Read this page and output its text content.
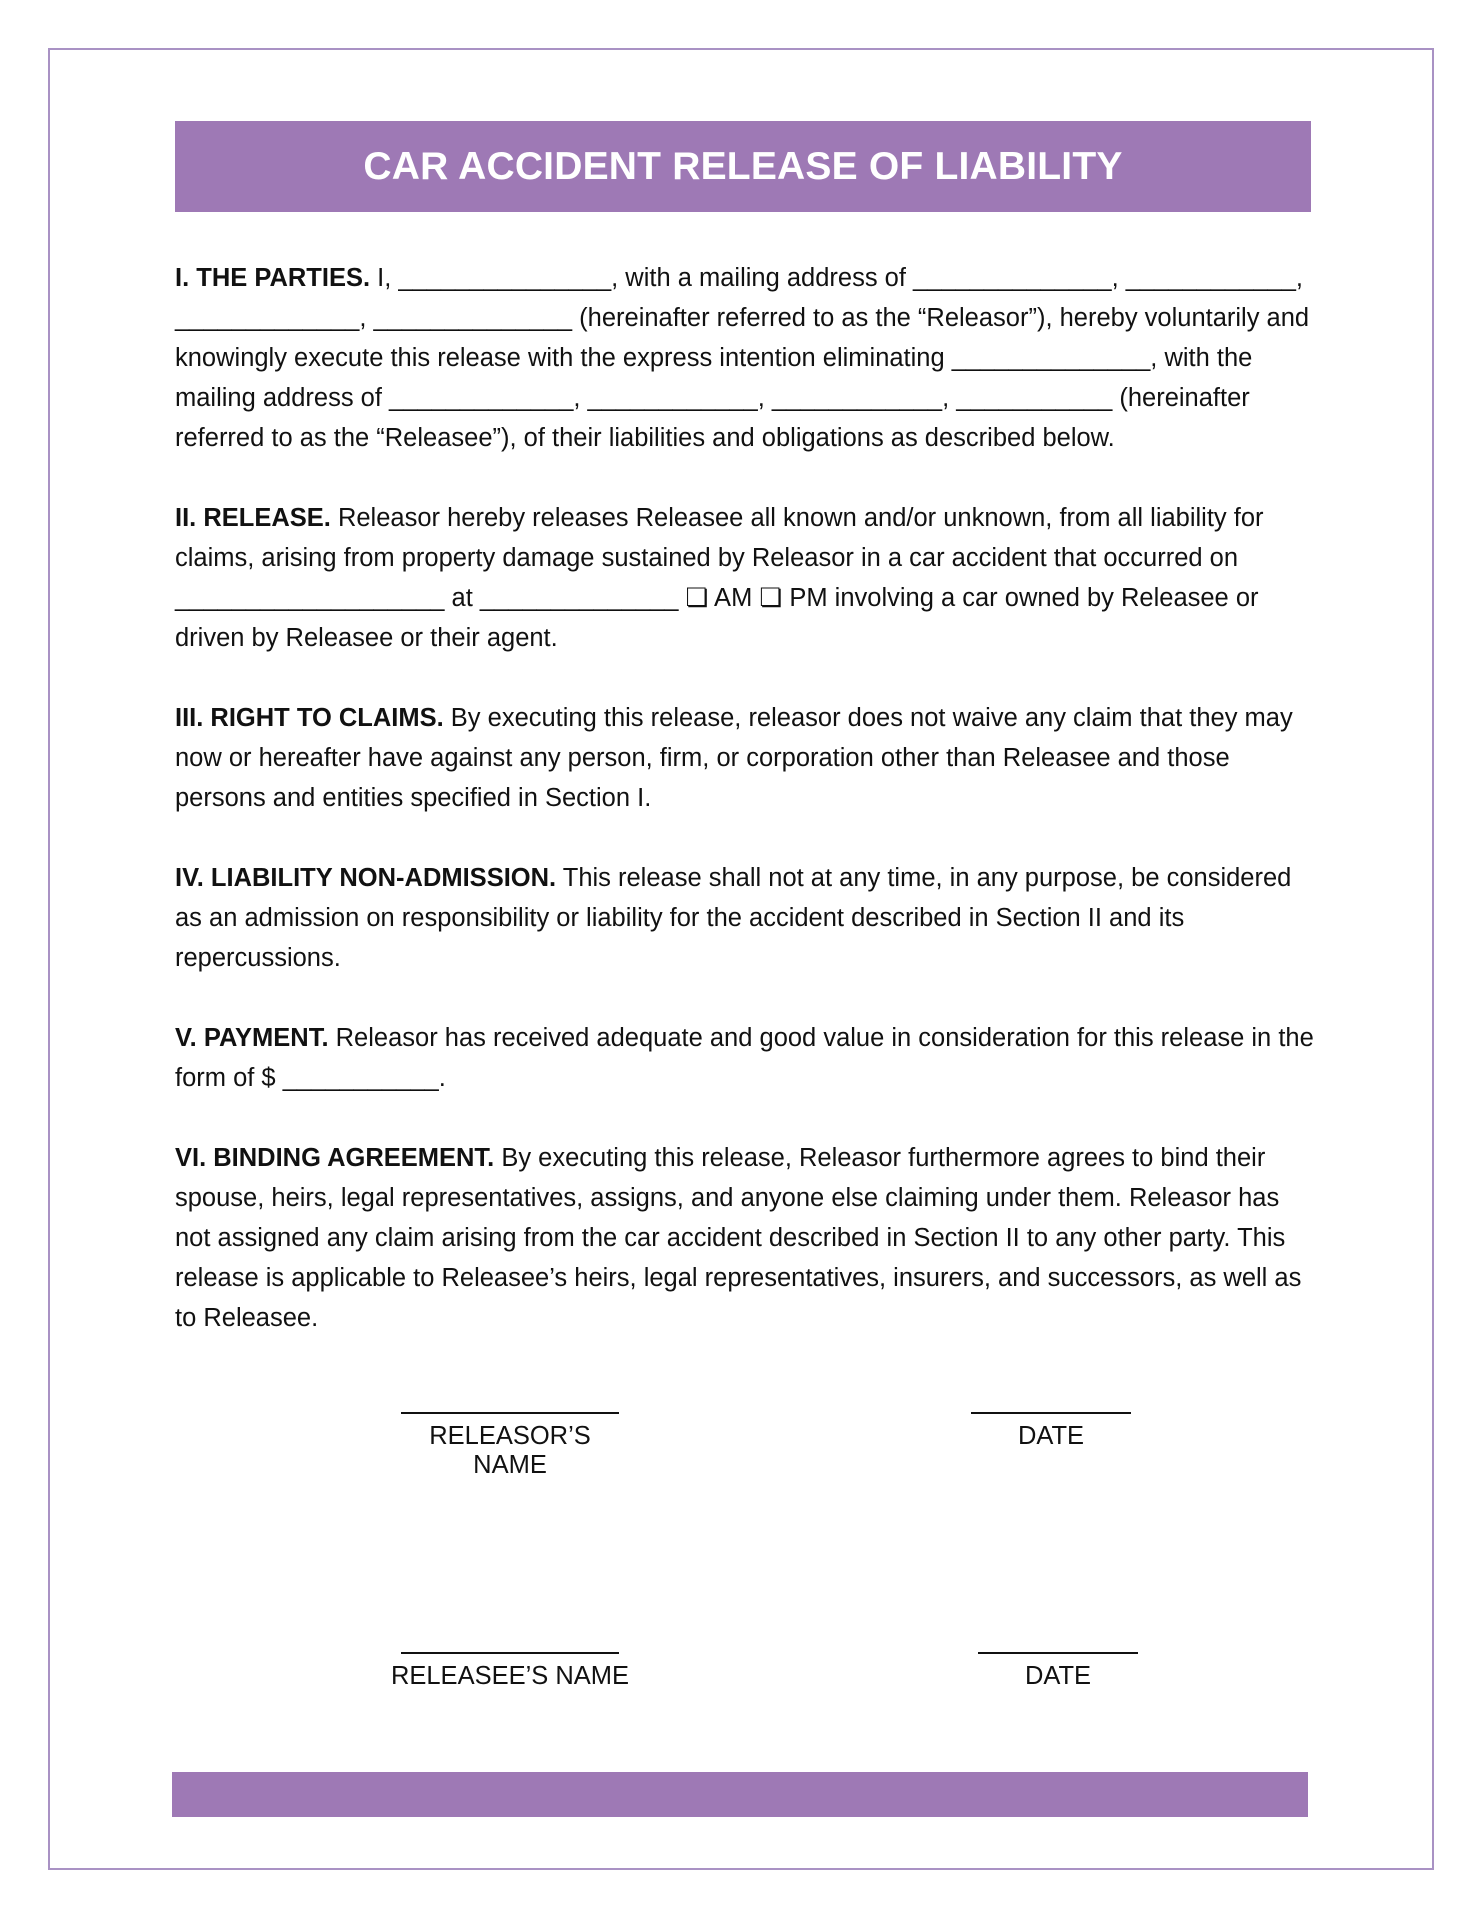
CAR ACCIDENT RELEASE OF LIABILITY

I. THE PARTIES. I, _______________, with a mailing address of ______________, ____________, _____________, ______________ (hereinafter referred to as the “Releasor”), hereby voluntarily and knowingly execute this release with the express intention eliminating ______________, with the mailing address of _____________, ____________, ____________, ___________ (hereinafter referred to as the “Releasee”), of their liabilities and obligations as described below.

II. RELEASE. Releasor hereby releases Releasee all known and/or unknown, from all liability for claims, arising from property damage sustained by Releasor in a car accident that occurred on ___________________ at ______________ ❏ AM ❏ PM involving a car owned by Releasee or driven by Releasee or their agent.

III. RIGHT TO CLAIMS. By executing this release, releasor does not waive any claim that they may now or hereafter have against any person, firm, or corporation other than Releasee and those persons and entities specified in Section I.

IV. LIABILITY NON-ADMISSION. This release shall not at any time, in any purpose, be considered as an admission on responsibility or liability for the accident described in Section II and its repercussions.

V. PAYMENT. Releasor has received adequate and good value in consideration for this release in the form of $ ___________.

VI. BINDING AGREEMENT. By executing this release, Releasor furthermore agrees to bind their spouse, heirs, legal representatives, assigns, and anyone else claiming under them. Releasor has not assigned any claim arising from the car accident described in Section II to any other party. This release is applicable to Releasee’s heirs, legal representatives, insurers, and successors, as well as to Releasee.

RELEASOR’S NAME
DATE
RELEASEE’S NAME	DATE
